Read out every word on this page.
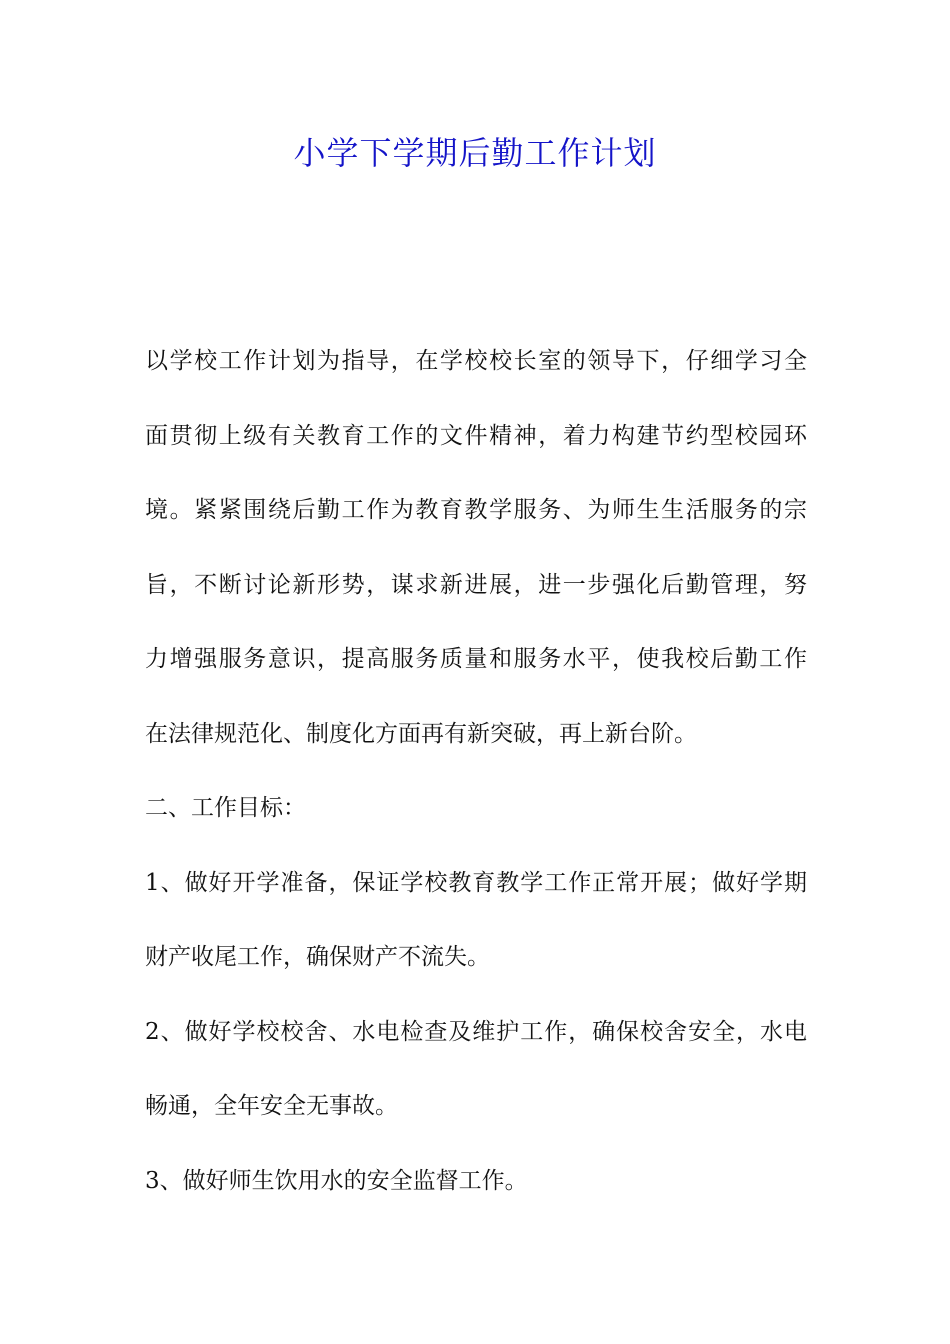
小学下学期后勤工作计划
以学校工作计划为指导，在学校校长室的领导下，仔细学习全
面贯彻上级有关教育工作的文件精神，着力构建节约型校园环
境。紧紧围绕后勤工作为教育教学服务、为师生生活服务的宗
旨，不断讨论新形势，谋求新进展，进一步强化后勤管理，努
力增强服务意识，提高服务质量和服务水平，使我校后勤工作
在法律规范化、制度化方面再有新突破，再上新台阶。
二、工作目标：
1、做好开学准备，保证学校教育教学工作正常开展；做好学期
财产收尾工作，确保财产不流失。
2、做好学校校舍、水电检查及维护工作，确保校舍安全，水电
畅通，全年安全无事故。
3、做好师生饮用水的安全监督工作。
